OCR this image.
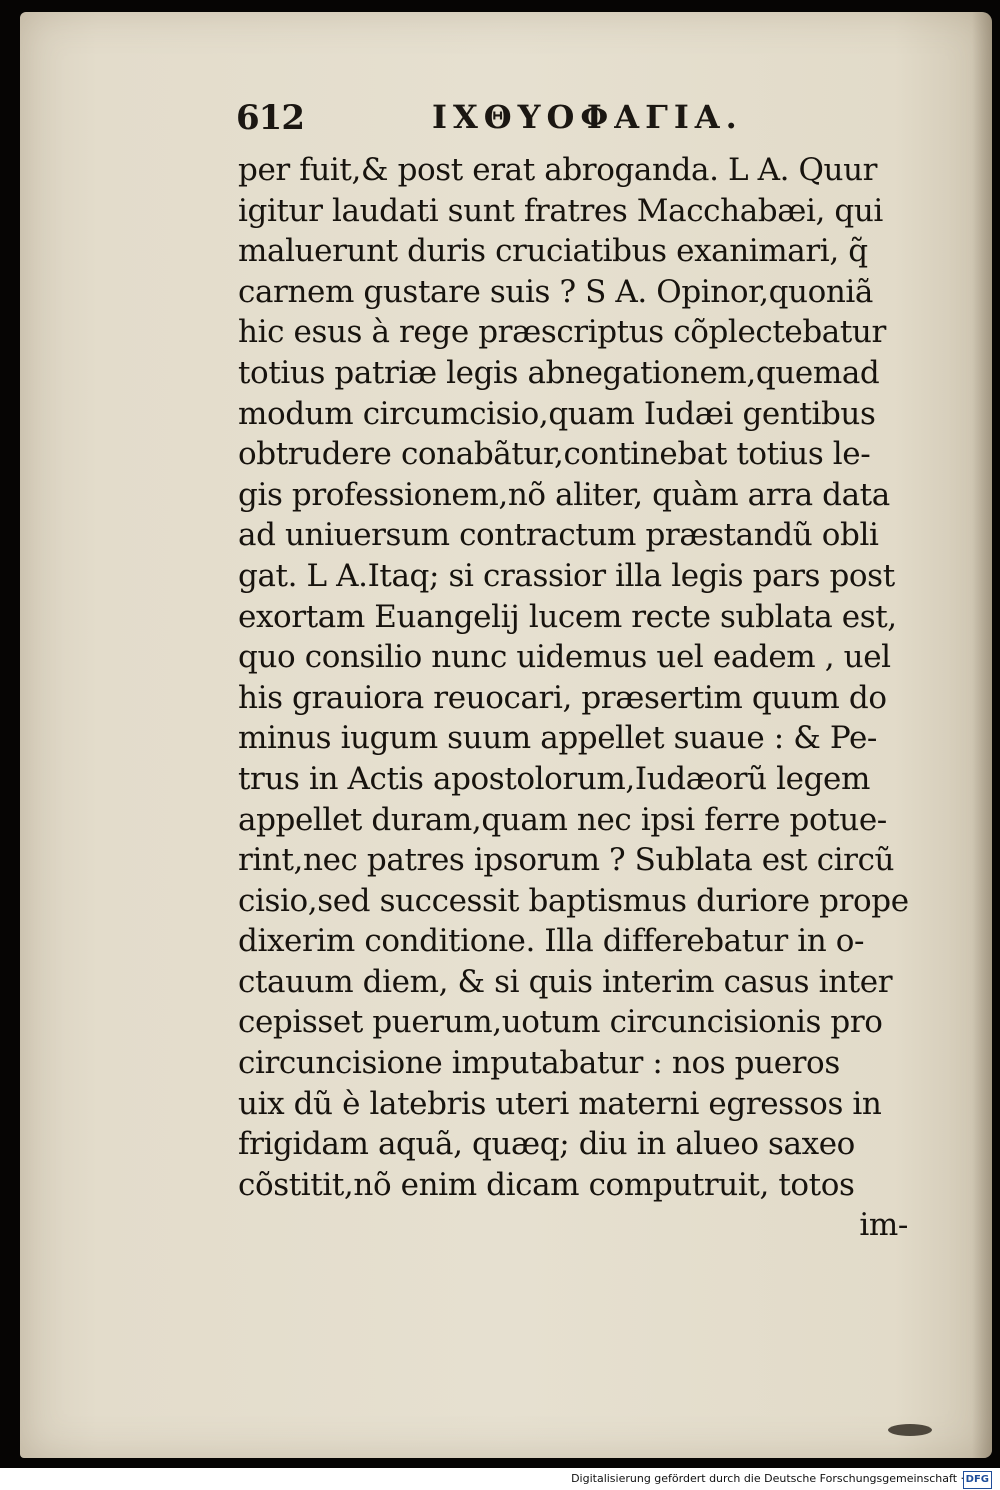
612	ΙΧΘΥΟΦΑΓΙΑ.
per fuit,& post erat abroganda. L A. Quur
igitur laudati sunt fratres Macchabæi, qui
maluerunt duris cruciatibus exanimari, q̃
carnem gustare suis ? S A. Opinor,quoniã
hic esus à rege præscriptus cõplectebatur
totius patriæ legis abnegationem,quemad
modum circumcisio,quam Iudæi gentibus
obtrudere conabãtur,continebat totius le-
gis professionem,nõ aliter, quàm arra data
ad uniuersum contractum præstandũ obli
gat. L A.Itaq; si crassior illa legis pars post
exortam Euangelij lucem recte sublata est,
quo consilio nunc uidemus uel eadem , uel
his grauiora reuocari, præsertim quum do
minus iugum suum appellet suaue : & Pe-
trus in Actis apostolorum,Iudæorũ legem
appellet duram,quam nec ipsi ferre potue-
rint,nec patres ipsorum ? Sublata est circũ
cisio,sed successit baptismus duriore prope
dixerim conditione. Illa differebatur in o-
ctauum diem, & si quis interim casus inter
cepisset puerum,uotum circuncisionis pro
circuncisione imputabatur : nos pueros
uix dũ è latebris uteri materni egressos in
frigidam aquã, quæq; diu in alueo saxeo
cõstitit,nõ enim dicam computruit, totos
im-
Digitalisierung gefördert durch die Deutsche Forschungsgemeinschaft · DFG
